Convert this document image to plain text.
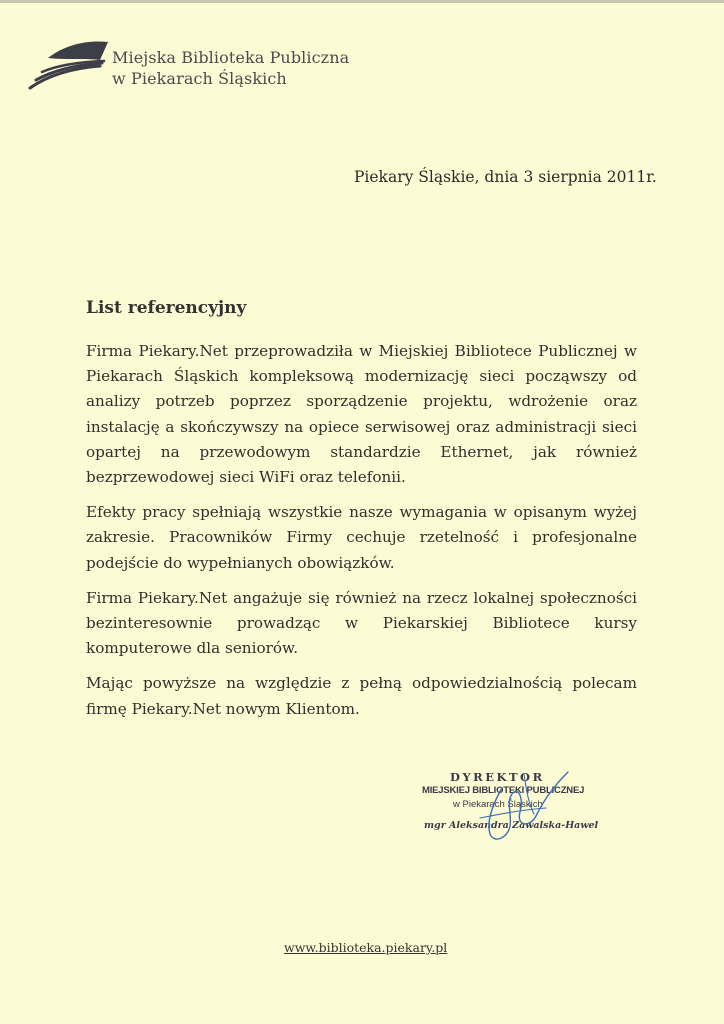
Miejska Biblioteka Publiczna
w Piekarach Śląskich
Piekary Śląskie, dnia 3 sierpnia 2011r.
List referencyjny

Firma Piekary.Net przeprowadziła w Miejskiej Bibliotece Publicznej w Piekarach Śląskich kompleksową modernizację sieci począwszy od analizy potrzeb poprzez sporządzenie projektu, wdrożenie oraz instalację a skończywszy na opiece serwisowej oraz administracji sieci opartej na przewodowym standardzie Ethernet, jak również bezprzewodowej sieci WiFi oraz telefonii.

Efekty pracy spełniają wszystkie nasze wymagania w opisanym wyżej zakresie. Pracowników Firmy cechuje rzetelność i profesjonalne podejście do wypełnianych obowiązków.

Firma Piekary.Net angażuje się również na rzecz lokalnej społeczności bezinteresownie prowadząc w Piekarskiej Bibliotece kursy komputerowe dla seniorów.

Mając powyższe na względzie z pełną odpowiedzialnością polecam firmę Piekary.Net nowym Klientom.

DYREKTOR
MIEJSKIEJ BIBLIOTEKI PUBLICZNEJ
w Piekarach Śląskich
mgr Aleksandra Zawalska-Hawel
www.biblioteka.piekary.pl
